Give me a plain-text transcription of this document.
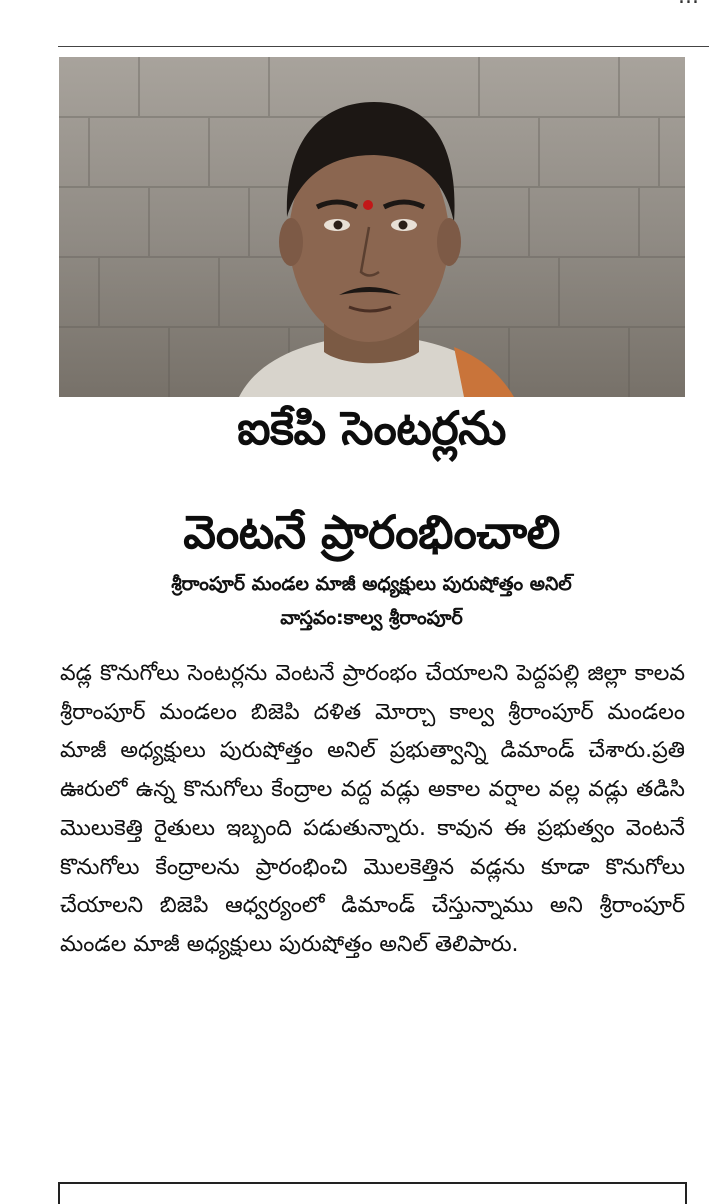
ఐకేపి సెంటర్లను
వెంటనే ప్రారంభించాలి
శ్రీరాంపూర్ మండల మాజీ అధ్యక్షులు పురుషోత్తం అనిల్
వాస్తవం:కాల్వ శ్రీరాంపూర్

వడ్ల కొనుగోలు సెంటర్లను వెంటనే ప్రారంభం చేయాలని పెద్దపల్లి జిల్లా కాలవ శ్రీరాంపూర్ మండలం బిజెపి దళిత మోర్చా కాల్వ శ్రీరాంపూర్ మండలం మాజీ అధ్యక్షులు పురుషోత్తం అనిల్ ప్రభుత్వాన్ని డిమాండ్ చేశారు.ప్రతి ఊరులో ఉన్న కొనుగోలు కేంద్రాల వద్ద వడ్లు అకాల వర్షాల వల్ల వడ్లు తడిసి మొలుకెత్తి రైతులు ఇబ్బంది పడుతున్నారు. కావున ఈ ప్రభుత్వం వెంటనే కొనుగోలు కేంద్రాలను ప్రారంభించి మొలకెత్తిన వడ్లను కూడా కొనుగోలు చేయాలని బిజెపి ఆధ్వర్యంలో డిమాండ్ చేస్తున్నాము అని శ్రీరాంపూర్ మండల మాజీ అధ్యక్షులు పురుషోత్తం అనిల్ తెలిపారు.
